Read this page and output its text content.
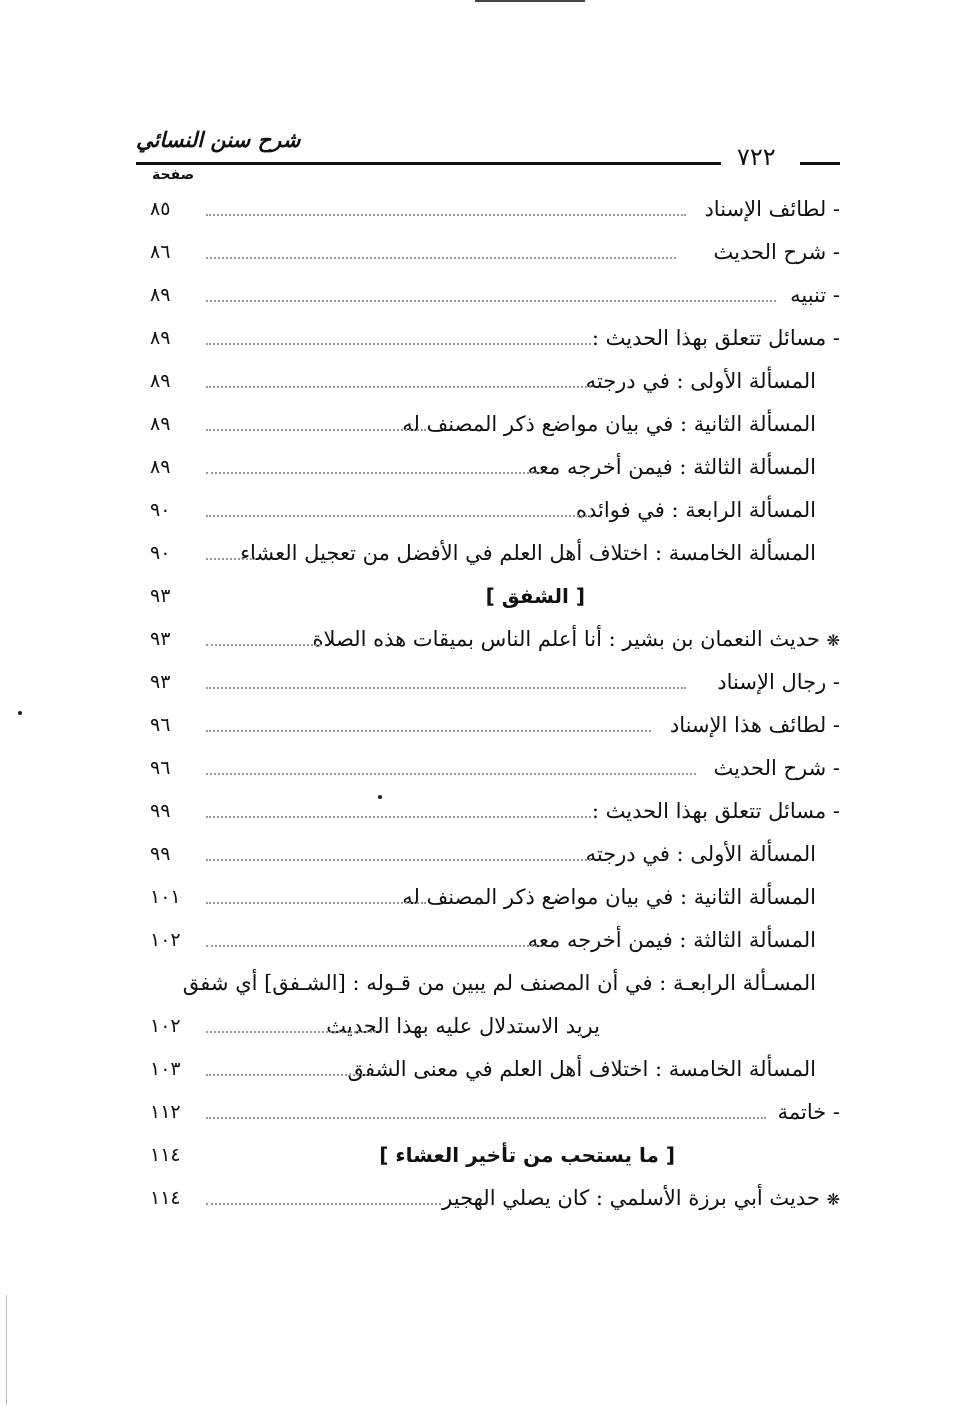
شرح سنن النسائي
٧٢٢
صفحة
- لطائف الإسناد
٨٥
- شرح الحديث
٨٦
- تنبيه
٨٩
- مسائل تتعلق بهذا الحديث :
٨٩
المسألة الأولى : في درجته
٨٩
المسألة الثانية : في بيان مواضع ذكر المصنف له
٨٩
المسألة الثالثة : فيمن أخرجه معه
٨٩
المسألة الرابعة : في فوائده
٩٠
المسألة الخامسة : اختلاف أهل العلم في الأفضل من تعجيل العشاء
٩٠
[ الشفق ]
٩٣
❋ حديث النعمان بن بشير : أنا أعلم الناس بميقات هذه الصلاة
٩٣
- رجال الإسناد
٩٣
- لطائف هذا الإسناد
٩٦
- شرح الحديث
٩٦
- مسائل تتعلق بهذا الحديث :
٩٩
المسألة الأولى : في درجته
٩٩
المسألة الثانية : في بيان مواضع ذكر المصنف له
١٠١
المسألة الثالثة : فيمن أخرجه معه
١٠٢
المسـألة الرابعـة : في أن المصنف لم يبين من قـوله : [الشـفق] أي شفق
يريد الاستدلال عليه بهذا الحديث
١٠٢
المسألة الخامسة : اختلاف أهل العلم في معنى الشفق
١٠٣
- خاتمة
١١٢
[ ما يستحب من تأخير العشاء ]
١١٤
❋ حديث أبي برزة الأسلمي : كان يصلي الهجير
١١٤
